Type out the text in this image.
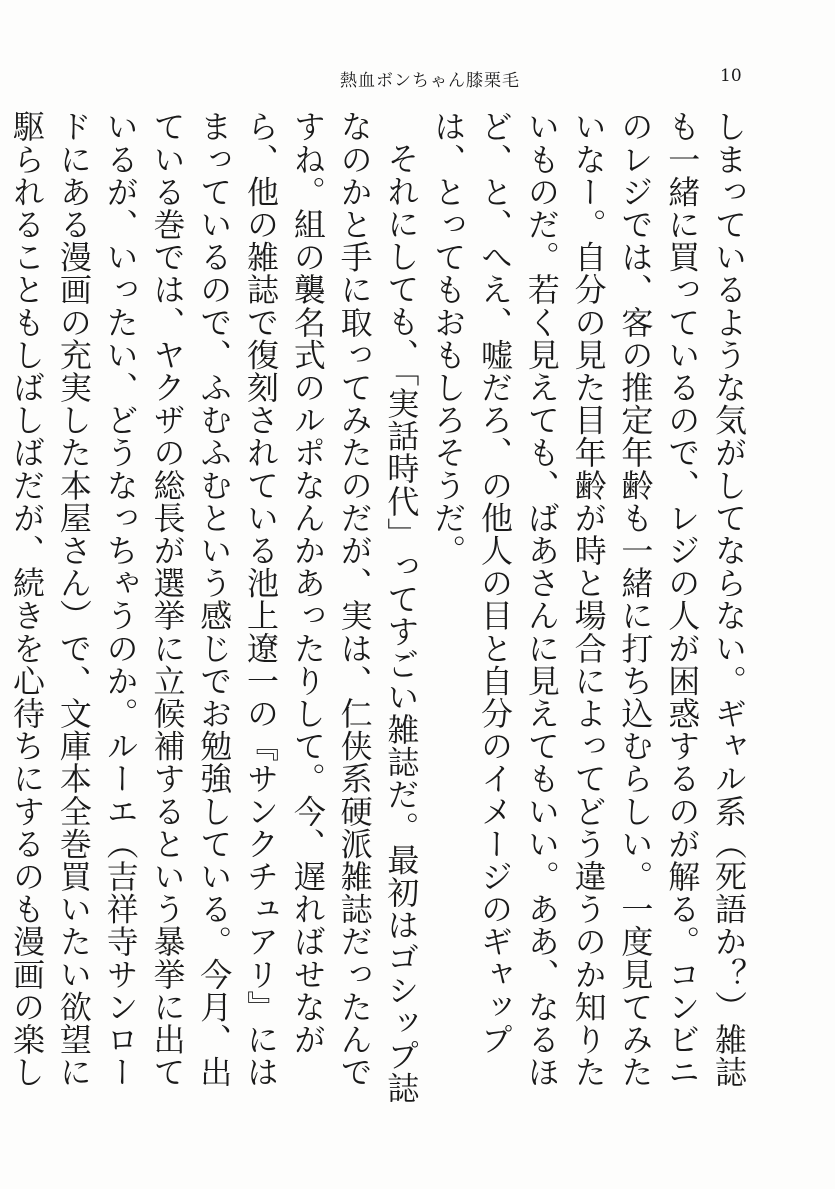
熱血ボンちゃん膝栗毛	10

しまっているような気がしてならない。ギャル系（死語か？）雑誌も一緒に買っているので、レジの人が困惑するのが解る。コンビニのレジでは、客の推定年齢も一緒に打ち込むらしい。一度見てみたいなー。自分の見た目年齢が時と場合によってどう違うのか知りたいものだ。若く見えても、ばあさんに見えてもいい。ああ、なるほど、と、へえ、嘘だろ、の他人の目と自分のイメージのギャップは、とってもおもしろそうだ。

それにしても、「実話時代」ってすごい雑誌だ。最初はゴシップ誌なのかと手に取ってみたのだが、実は、仁侠系硬派雑誌だったんですね。組の襲名式のルポなんかあったりして。今、遅ればせながら、他の雑誌で復刻されている池上遼一の『サンクチュアリ』にはまっているので、ふむふむという感じでお勉強している。今月、出ている巻では、ヤクザの総長が選挙に立候補するという暴挙に出ているが、いったい、どうなっちゃうのか。ルーエ（吉祥寺サンロードにある漫画の充実した本屋さん）で、文庫本全巻買いたい欲望に駆られることもしばしばだが、続きを心待ちにするのも漫画の楽し
